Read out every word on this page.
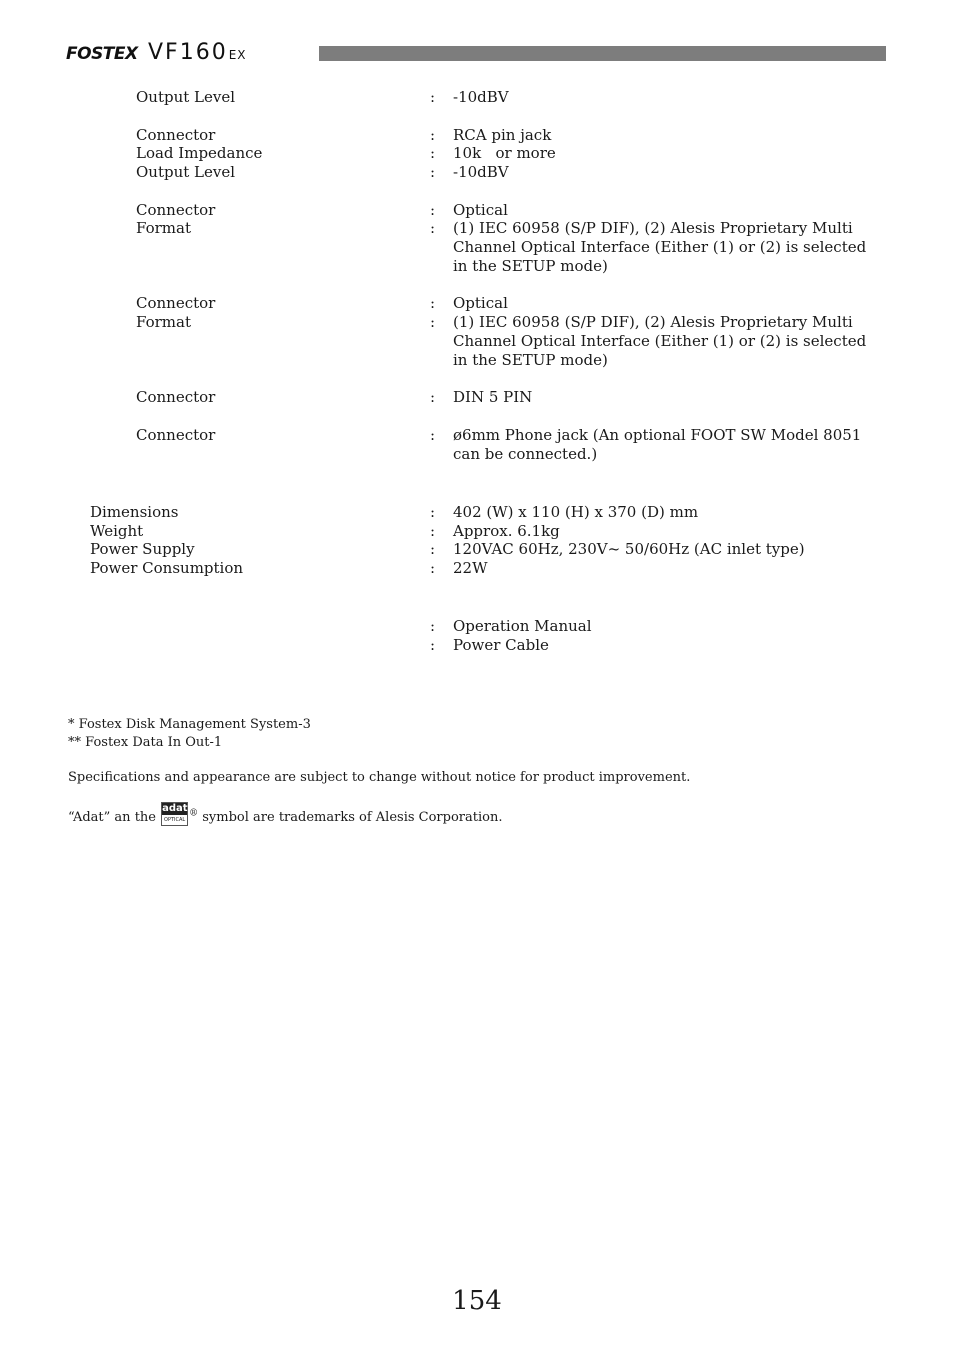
FOSTEX VF160EX
Output Level	: -10dBV
Connector	: RCA pin jack
Load Impedance	: 10k   or more
Output Level	: -10dBV
Connector	: Optical
Format	: (1) IEC 60958 (S/P DIF), (2) Alesis Proprietary Multi Channel Optical Interface (Either (1) or (2) is selected in the SETUP mode)
Connector	: Optical
Format	: (1) IEC 60958 (S/P DIF), (2) Alesis Proprietary Multi Channel Optical Interface (Either (1) or (2) is selected in the SETUP mode)
Connector	: DIN 5 PIN
Connector	: ø6mm Phone jack (An optional FOOT SW Model 8051 can be connected.)
Dimensions	: 402 (W) x 110 (H) x 370 (D) mm
Weight	: Approx. 6.1kg
Power Supply	: 120VAC 60Hz, 230V~ 50/60Hz (AC inlet type)
Power Consumption	: 22W
: Operation Manual
: Power Cable
* Fostex Disk Management System-3
** Fostex Data In Out-1
Specifications and appearance are subject to change without notice for product improvement.
“Adat” an the
adat
OPTICAL
® symbol are trademarks of Alesis Corporation.
154
